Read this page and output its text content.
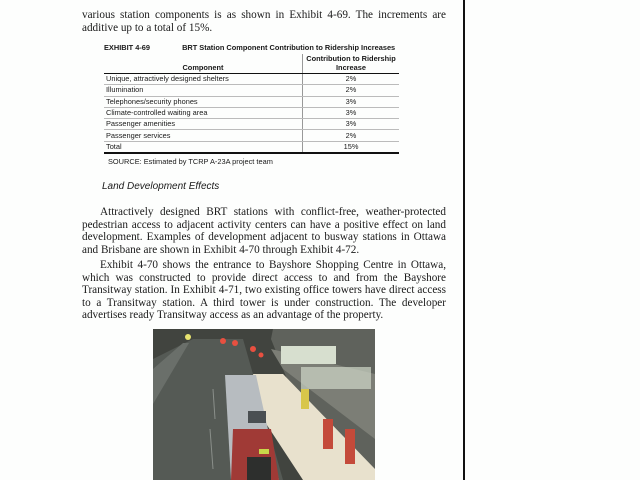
various station components is as shown in Exhibit 4-69. The increments are additive up to a total of 15%.

EXHIBIT 4-69	BRT Station Component Contribution to Ridership Increases
Component	Contribution to Ridership Increase
Unique, attractively designed shelters	2%
Illumination	2%
Telephones/security phones	3%
Climate-controlled waiting area	3%
Passenger amenities	3%
Passenger services	2%
Total	15%
SOURCE: Estimated by TCRP A-23A project team
Land Development Effects

Attractively designed BRT stations with conflict-free, weather-protected pedestrian access to adjacent activity centers can have a positive effect on land development. Examples of development adjacent to busway stations in Ottawa and Brisbane are shown in Exhibit 4-70 through Exhibit 4-72.

Exhibit 4-70 shows the entrance to Bayshore Shopping Centre in Ottawa, which was constructed to provide direct access to and from the Bayshore Transitway station. In Exhibit 4-71, two existing office towers have direct access to a Transitway station. A third tower is under construction. The developer advertises ready Transitway access as an advantage of the property.
